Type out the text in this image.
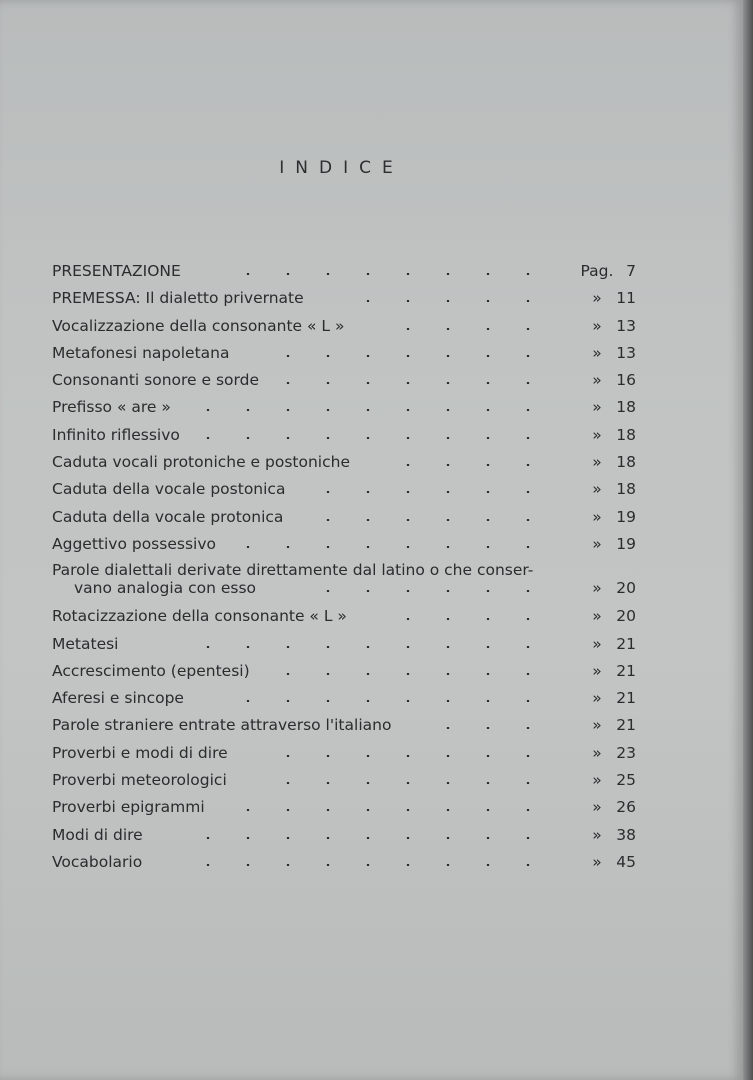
INDICE
PRESENTAZIONE	Pag. 7
PREMESSA: Il dialetto privernate	» 11
Vocalizzazione della consonante « L »	» 13
Metafonesi napoletana	» 13
Consonanti sonore e sorde	» 16
Prefisso « are »	» 18
Infinito riflessivo	» 18
Caduta vocali protoniche e postoniche	» 18
Caduta della vocale postonica	» 18
Caduta della vocale protonica	» 19
Aggettivo possessivo	» 19
Parole dialettali derivate direttamente dal latino o che conser-
vano analogia con esso	» 20
Rotacizzazione della consonante « L »	» 20
Metatesi	» 21
Accrescimento (epentesi)	» 21
Aferesi e sincope	» 21
Parole straniere entrate attraverso l'italiano	» 21
Proverbi e modi di dire	» 23
Proverbi meteorologici	» 25
Proverbi epigrammi	» 26
Modi di dire	» 38
Vocabolario	» 45
